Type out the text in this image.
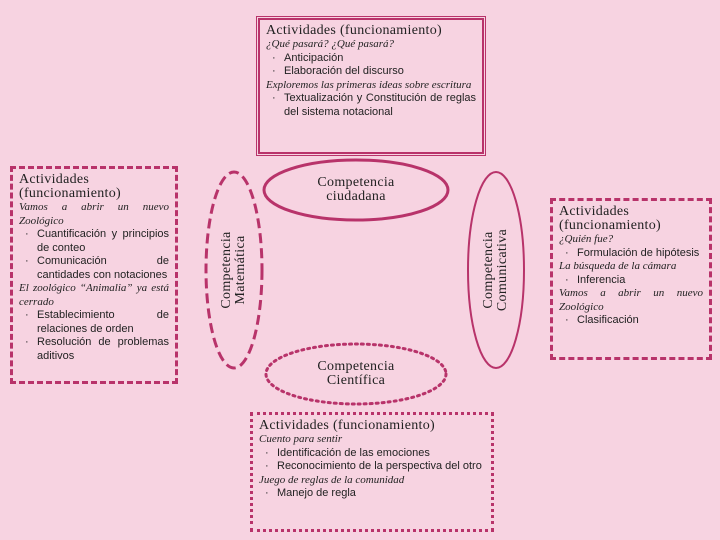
Competencia ciudadana
Competencia Científica
Competencia Matemática	Competencia Comunicativa
Actividades (funcionamiento)
¿Qué pasará? ¿Qué pasará?
· Anticipación
· Elaboración del discurso
Exploremos las primeras ideas sobre escritura
· Textualización y Constitución de reglas del sistema notacional
Actividades (funcionamiento)
Vamos a abrir un nuevo Zoológico
· Cuantificación y principios de conteo
· Comunicación de cantidades con notaciones
El zoológico “Animalia” ya está cerrado
· Establecimiento de relaciones de orden
· Resolución de problemas aditivos
Actividades (funcionamiento)
¿Quién fue?
· Formulación de hipótesis
La búsqueda de la cámara
· Inferencia
Vamos a abrir un nuevo Zoológico
· Clasificación
Actividades (funcionamiento)
Cuento para sentir
· Identificación de las emociones
· Reconocimiento de la perspectiva del otro
Juego de reglas de la comunidad
· Manejo de regla
